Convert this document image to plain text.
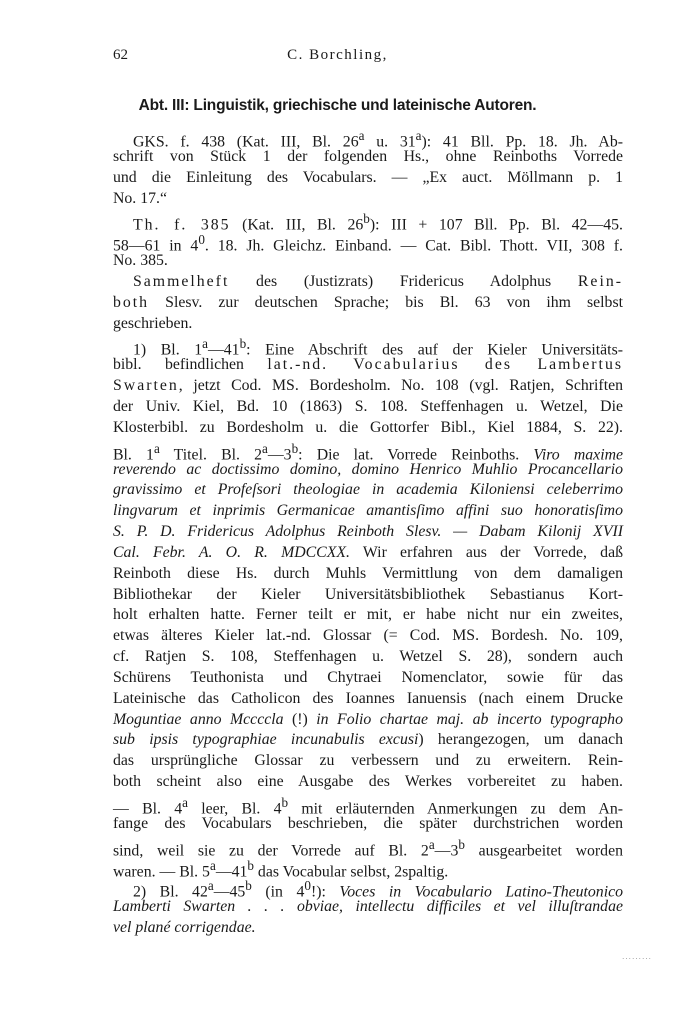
62	C. Borchling,
Abt. III: Linguistik, griechische und lateinische Autoren.
GKS. f. 438 (Kat. III, Bl. 26$^a$ u. 31$^a$): 41 Bll. Pp. 18. Jh. Ab-
schrift von Stück 1 der folgenden Hs., ohne Reinboths Vorrede
und die Einleitung des Vocabulars. — „Ex auct. Möllmann p. 1
No. 17.“
Th. f. 385 (Kat. III, Bl. 26$^b$): III + 107 Bll. Pp. Bl. 42—45.
58—61 in $4^0$. 18. Jh. Gleichz. Einband. — Cat. Bibl. Thott. VII, 308 f.
No. 385.
Sammelheft des (Justizrats) Fridericus Adolphus Rein-
both Slesv. zur deutschen Sprache; bis Bl. 63 von ihm selbst
geschrieben.
1) Bl. 1$^a$—41$^b$: Eine Abschrift des auf der Kieler Universitäts-
bibl. befindlichen lat.-nd. Vocabularius des Lambertus
Swarten, jetzt Cod. MS. Bordesholm. No. 108 (vgl. Ratjen, Schriften
der Univ. Kiel, Bd. 10 (1863) S. 108. Steffenhagen u. Wetzel, Die
Klosterbibl. zu Bordesholm u. die Gottorfer Bibl., Kiel 1884, S. 22).
Bl. 1$^a$ Titel. Bl. 2$^a$—3$^b$: Die lat. Vorrede Reinboths. Viro maxime
reverendo ac doctissimo domino, domino Henrico Muhlio Procancellario
gravissimo et Profeſsori theologiae in academia Kiloniensi celeberrimo
lingvarum et inprimis Germanicae amantisſimo affini suo honoratisſimo
S. P. D. Fridericus Adolphus Reinboth Slesv. — Dabam Kilonij XVII
Cal. Febr. A. O. R. MDCCXX. Wir erfahren aus der Vorrede, daß
Reinboth diese Hs. durch Muhls Vermittlung von dem damaligen
Bibliothekar der Kieler Universitätsbibliothek Sebastianus Kort-
holt erhalten hatte. Ferner teilt er mit, er habe nicht nur ein zweites,
etwas älteres Kieler lat.-nd. Glossar (= Cod. MS. Bordesh. No. 109,
cf. Ratjen S. 108, Steffenhagen u. Wetzel S. 28), sondern auch
Schürens Teuthonista und Chytraei Nomenclator, sowie für das
Lateinische das Catholicon des Ioannes Ianuensis (nach einem Drucke
Moguntiae anno Mccccla (!) in Folio chartae maj. ab incerto typographo
sub ipsis typographiae incunabulis excusi) herangezogen, um danach
das ursprüngliche Glossar zu verbessern und zu erweitern. Rein-
both scheint also eine Ausgabe des Werkes vorbereitet zu haben.
— Bl. 4$^a$ leer, Bl. 4$^b$ mit erläuternden Anmerkungen zu dem An-
fange des Vocabulars beschrieben, die später durchstrichen worden
sind, weil sie zu der Vorrede auf Bl. 2$^a$—3$^b$ ausgearbeitet worden
waren. — Bl. 5$^a$—41$^b$ das Vocabular selbst, 2spaltig.
2) Bl. 42$^a$—45$^b$ (in $4^0$!): Voces in Vocabulario Latino-Theutonico
Lamberti Swarten . . . obviae, intellectu difficiles et vel illuſtrandae
vel plané corrigendae.
·········
